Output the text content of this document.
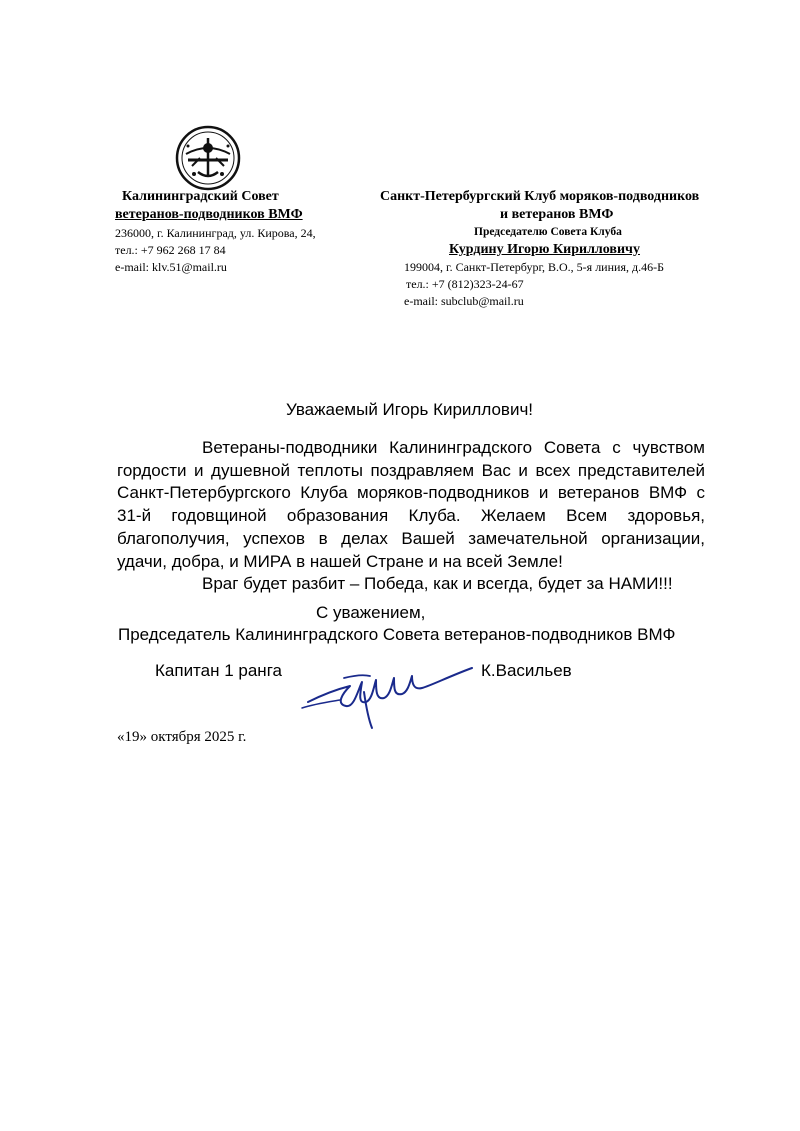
Калининградский Совет
ветеранов-подводников ВМФ
236000, г. Калининград, ул. Кирова, 24,
тел.: +7 962 268 17 84
e-mail: klv.51@mail.ru
Санкт-Петербургский Клуб моряков-подводников
и ветеранов ВМФ
Председателю Совета Клуба
Курдину Игорю Кирилловичу
199004, г. Санкт-Петербург, В.О., 5-я линия, д.46-Б
тел.: +7 (812)323-24-67
e-mail: subclub@mail.ru
Уважаемый Игорь Кириллович!

Ветераны-подводники Калининградского Совета с чувством гордости и душевной теплоты поздравляем Вас и всех представителей Санкт-Петербургского Клуба моряков-подводников и ветеранов ВМФ с 31-й годовщиной образования Клуба. Желаем Всем здоровья, благополучия, успехов в делах Вашей замечательной организации, удачи, добра, и МИРА в нашей Стране и на всей Земле!

Враг будет разбит – Победа, как и всегда, будет за НАМИ!!!

С уважением,
Председатель Калининградского Совета ветеранов-подводников ВМФ
Капитан 1 ранга	К.Васильев
«19» октября 2025 г.
